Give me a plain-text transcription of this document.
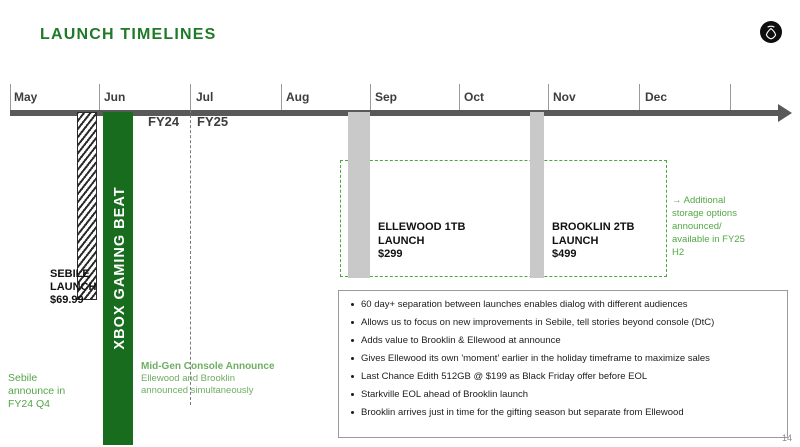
LAUNCH TIMELINES
May	Jun	Jul	Aug	Sep	Oct	Nov	Dec
FY24 FY25
SEBILE
LAUNCH
$69.99
Sebile
announce in
FY24 Q4
XBOX GAMING BEAT
Mid-Gen Console Announce
Ellewood and Brooklin
announced simultaneously
→ Additional storage options announced/ available in FY25 H2
ELLEWOOD 1TB
LAUNCH
$299
BROOKLIN 2TB
LAUNCH
$499
60 day+ separation between launches enables dialog with different audiences
Allows us to focus on new improvements in Sebile, tell stories beyond console (DtC)
Adds value to Brooklin & Ellewood at announce
Gives Ellewood its own 'moment' earlier in the holiday timeframe to maximize sales
Last Chance Edith 512GB @ $199 as Black Friday offer before EOL
Starkville EOL ahead of Brooklin launch
Brooklin arrives just in time for the gifting season but separate from Ellewood
14
